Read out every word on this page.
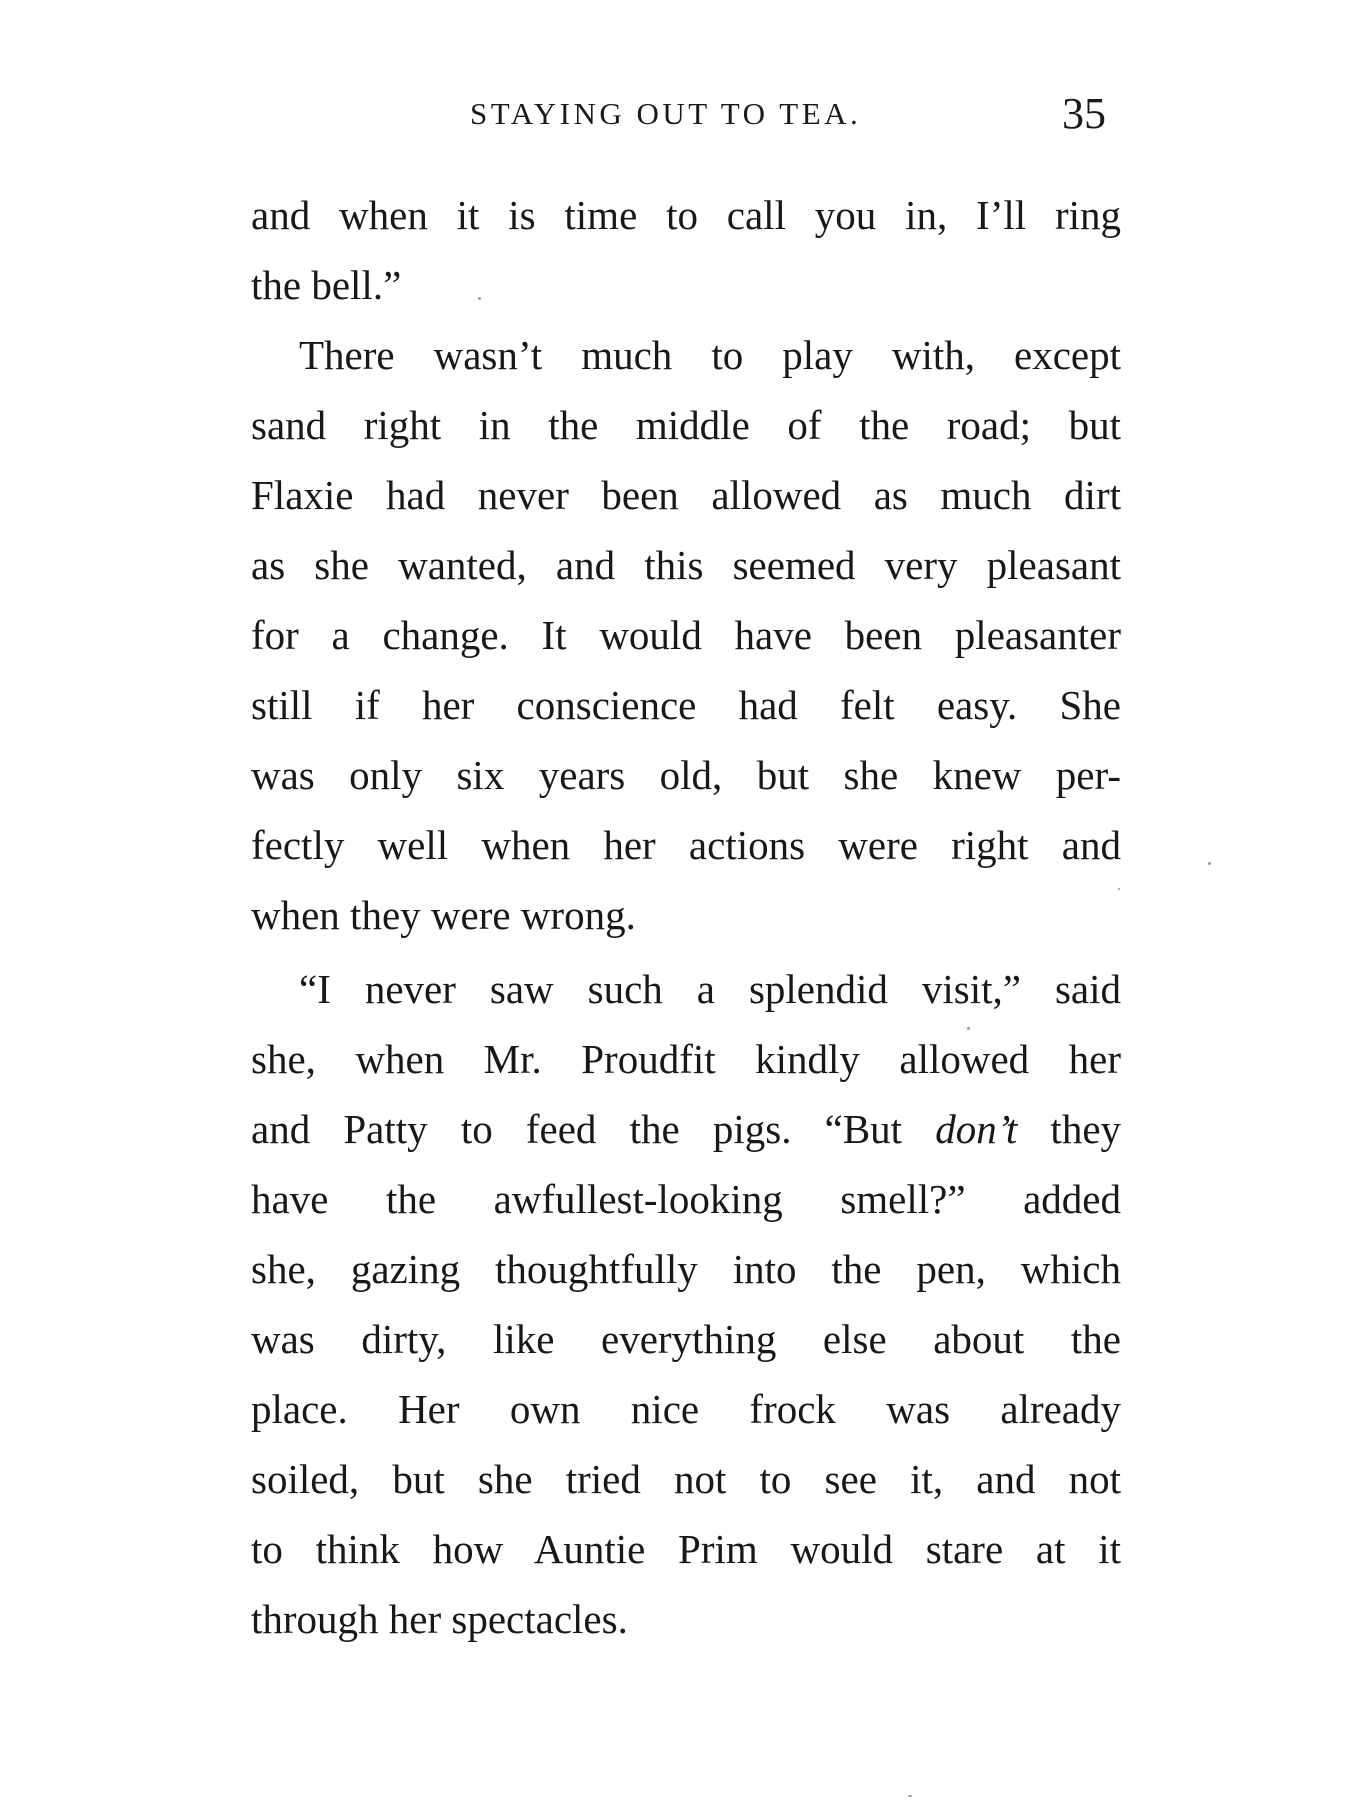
STAYING OUT TO TEA.	35
and when it is time to call you in, I’ll ring
the bell.”
There wasn’t much to play with, except
sand right in the middle of the road; but
Flaxie had never been allowed as much dirt
as she wanted, and this seemed very pleasant
for a change. It would have been pleasanter
still if her conscience had felt easy. She
was only six years old, but she knew per-
fectly well when her actions were right and
when they were wrong.
“I never saw such a splendid visit,” said
she, when Mr. Proudfit kindly allowed her
and Patty to feed the pigs. “But don’t they
have the awfullest-looking smell?” added
she, gazing thoughtfully into the pen, which
was dirty, like everything else about the
place. Her own nice frock was already
soiled, but she tried not to see it, and not
to think how Auntie Prim would stare at it
through her spectacles.
